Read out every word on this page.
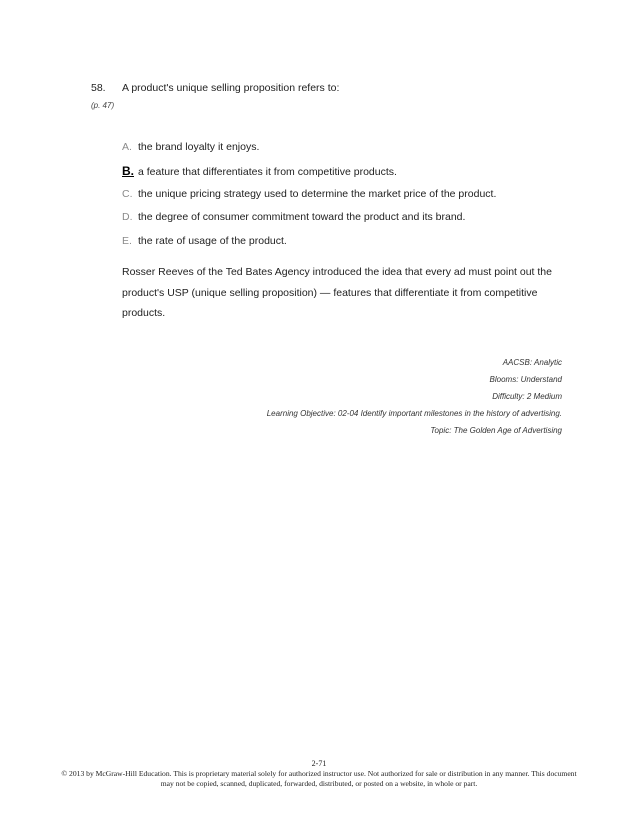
58. A product's unique selling proposition refers to:
(p. 47)
A. the brand loyalty it enjoys.
B. a feature that differentiates it from competitive products.
C. the unique pricing strategy used to determine the market price of the product.
D. the degree of consumer commitment toward the product and its brand.
E. the rate of usage of the product.

Rosser Reeves of the Ted Bates Agency introduced the idea that every ad must point out the product's USP (unique selling proposition) — features that differentiate it from competitive products.

AACSB: Analytic
Blooms: Understand
Difficulty: 2 Medium
Learning Objective: 02-04 Identify important milestones in the history of advertising.
Topic: The Golden Age of Advertising
2-71

© 2013 by McGraw-Hill Education. This is proprietary material solely for authorized instructor use. Not authorized for sale or distribution in any manner. This document may not be copied, scanned, duplicated, forwarded, distributed, or posted on a website, in whole or part.
